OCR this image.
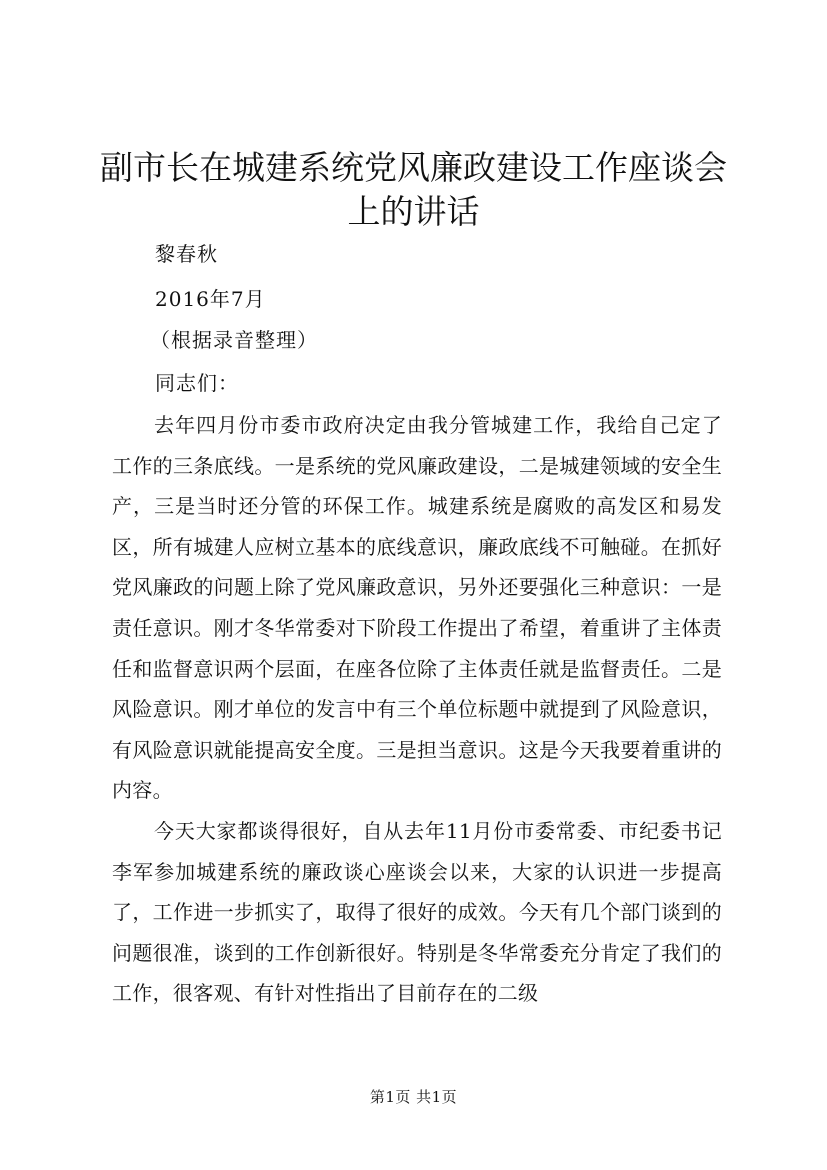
副市长在城建系统党风廉政建设工作座谈会上的讲话

黎春秋

2016年7月

（根据录音整理）

同志们：

去年四月份市委市政府决定由我分管城建工作，我给自己定了工作的三条底线。一是系统的党风廉政建设，二是城建领域的安全生产，三是当时还分管的环保工作。城建系统是腐败的高发区和易发区，所有城建人应树立基本的底线意识，廉政底线不可触碰。在抓好党风廉政的问题上除了党风廉政意识，另外还要强化三种意识：一是责任意识。刚才冬华常委对下阶段工作提出了希望，着重讲了主体责任和监督意识两个层面，在座各位除了主体责任就是监督责任。二是风险意识。刚才单位的发言中有三个单位标题中就提到了风险意识，有风险意识就能提高安全度。三是担当意识。这是今天我要着重讲的内容。

今天大家都谈得很好，自从去年11月份市委常委、市纪委书记李军参加城建系统的廉政谈心座谈会以来，大家的认识进一步提高了，工作进一步抓实了，取得了很好的成效。今天有几个部门谈到的问题很准，谈到的工作创新很好。特别是冬华常委充分肯定了我们的工作，很客观、有针对性指出了目前存在的二级

第1页 共1页
